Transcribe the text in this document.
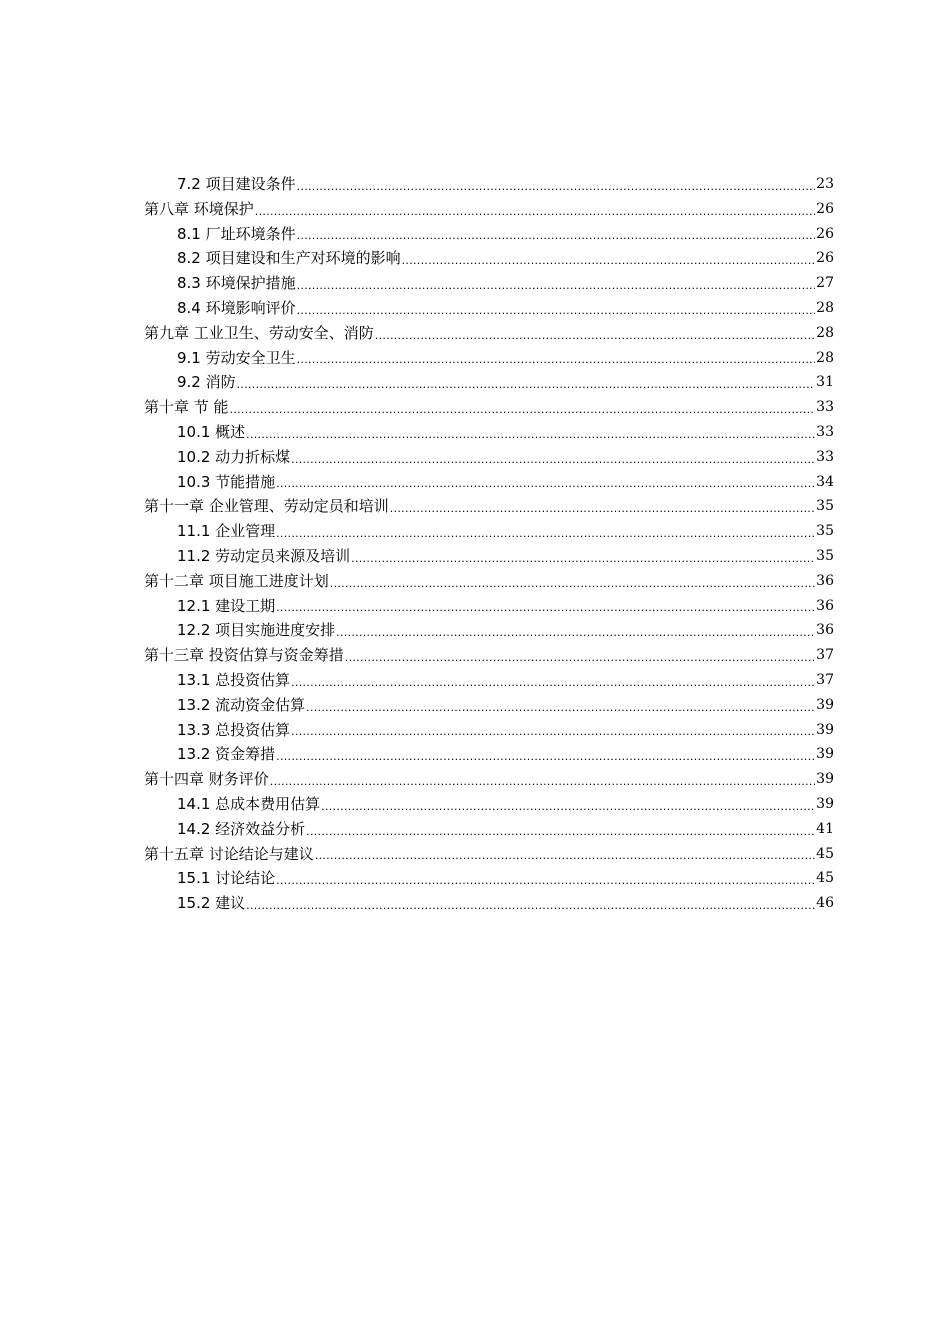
7.2 项目建设条件 .....	23
第八章 环境保护 .....	26
8.1 厂址环境条件 .....	26
8.2 项目建设和生产对环境的影响 .....	26
8.3 环境保护措施 .....	27
8.4 环境影响评价 .....	28
第九章 工业卫生、劳动安全、消防 .....	28
9.1 劳动安全卫生 .....	28
9.2 消防 .....	31
第十章 节 能 .....	33
10.1 概述 .....	33
10.2 动力折标煤 .....	33
10.3 节能措施 .....	34
第十一章 企业管理、劳动定员和培训 .....	35
11.1 企业管理 .....	35
11.2 劳动定员来源及培训 .....	35
第十二章 项目施工进度计划 .....	36
12.1 建设工期 .....	36
12.2 项目实施进度安排 .....	36
第十三章 投资估算与资金筹措 .....	37
13.1 总投资估算 .....	37
13.2 流动资金估算 .....	39
13.3 总投资估算 .....	39
13.2 资金筹措 .....	39
第十四章 财务评价 .....	39
14.1 总成本费用估算 .....	39
14.2 经济效益分析 .....	41
第十五章 讨论结论与建议 .....	45
15.1 讨论结论 .....	45
15.2 建议 .....	46
